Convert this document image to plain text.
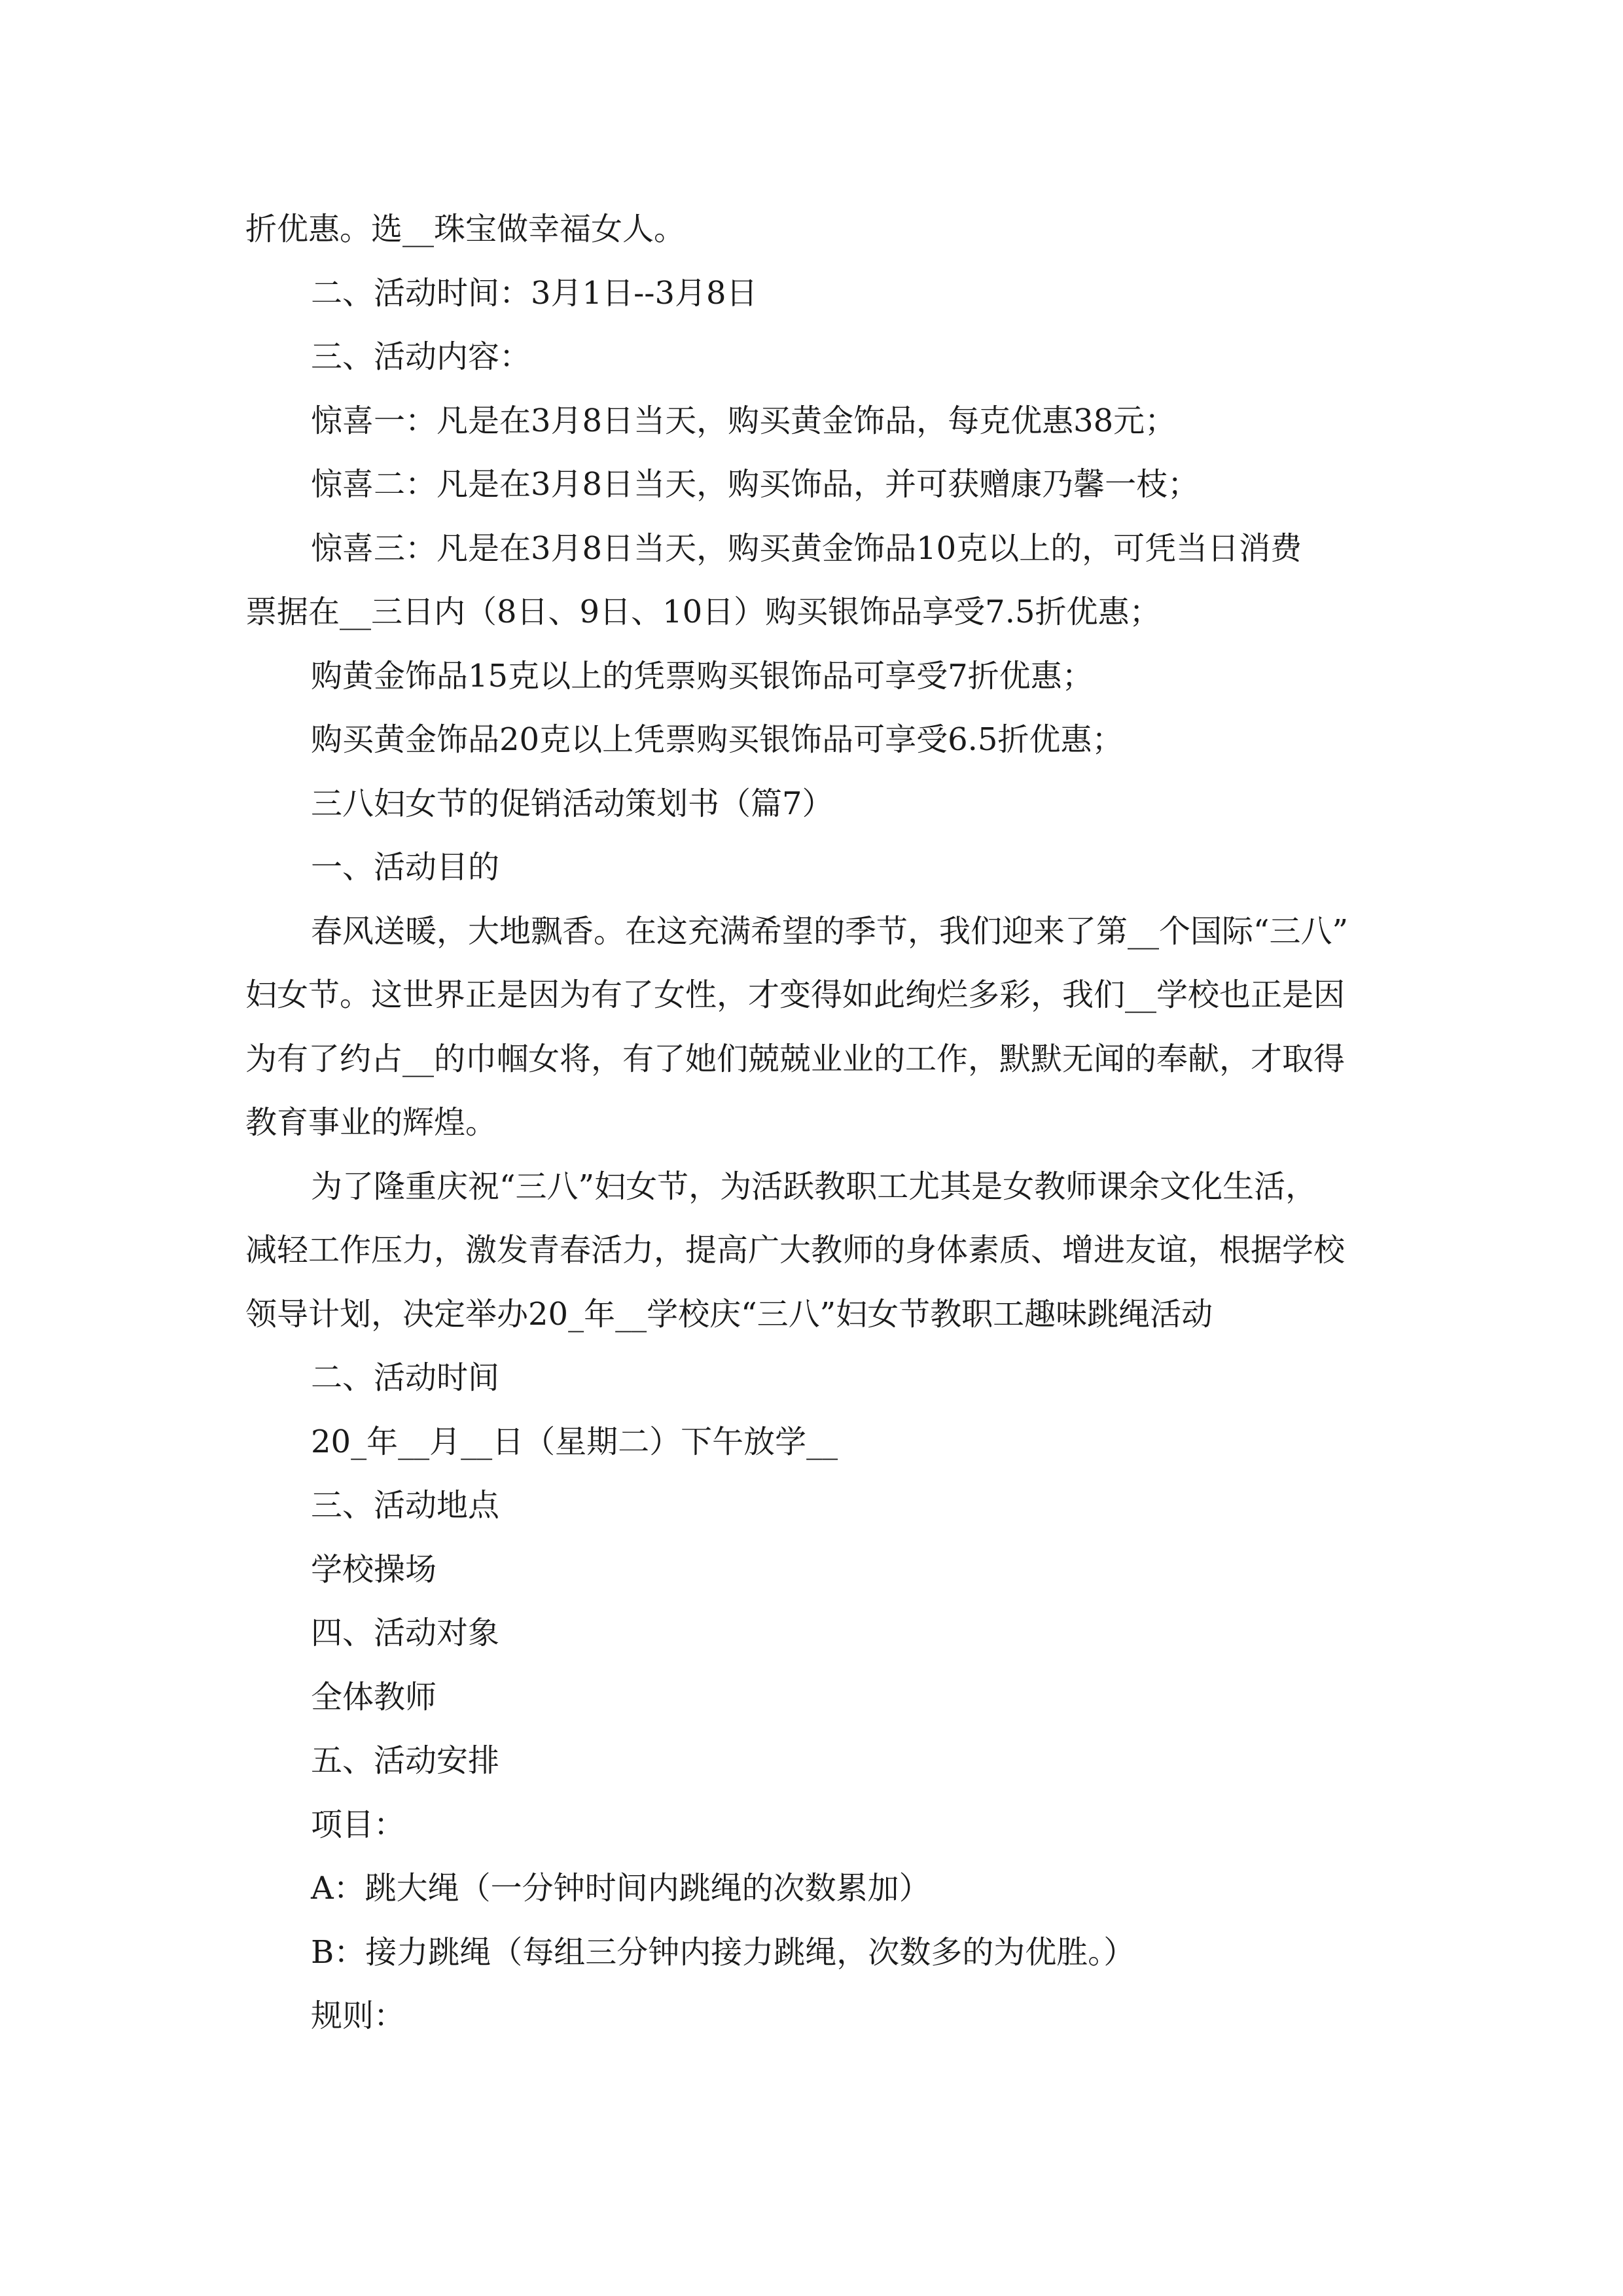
折优惠。选__珠宝做幸福女人。
二、活动时间：3月1日--3月8日
三、活动内容：
惊喜一：凡是在3月8日当天，购买黄金饰品，每克优惠38元；
惊喜二：凡是在3月8日当天，购买饰品，并可获赠康乃馨一枝；
惊喜三：凡是在3月8日当天，购买黄金饰品10克以上的，可凭当日消费
票据在__三日内（8日、9日、10日）购买银饰品享受7.5折优惠；
购黄金饰品15克以上的凭票购买银饰品可享受7折优惠；
购买黄金饰品20克以上凭票购买银饰品可享受6.5折优惠；
三八妇女节的促销活动策划书（篇7）
一、活动目的
春风送暖，大地飘香。在这充满希望的季节，我们迎来了第__个国际“三八”
妇女节。这世界正是因为有了女性，才变得如此绚烂多彩，我们__学校也正是因
为有了约占__的巾帼女将，有了她们兢兢业业的工作，默默无闻的奉献，才取得
教育事业的辉煌。
为了隆重庆祝“三八”妇女节，为活跃教职工尤其是女教师课余文化生活，
减轻工作压力，激发青春活力，提高广大教师的身体素质、增进友谊，根据学校
领导计划，决定举办20_年__学校庆“三八”妇女节教职工趣味跳绳活动
二、活动时间
20_年__月__日（星期二）下午放学__
三、活动地点
学校操场
四、活动对象
全体教师
五、活动安排
项目：
A：跳大绳（一分钟时间内跳绳的次数累加）
B：接力跳绳（每组三分钟内接力跳绳，次数多的为优胜。）
规则：
